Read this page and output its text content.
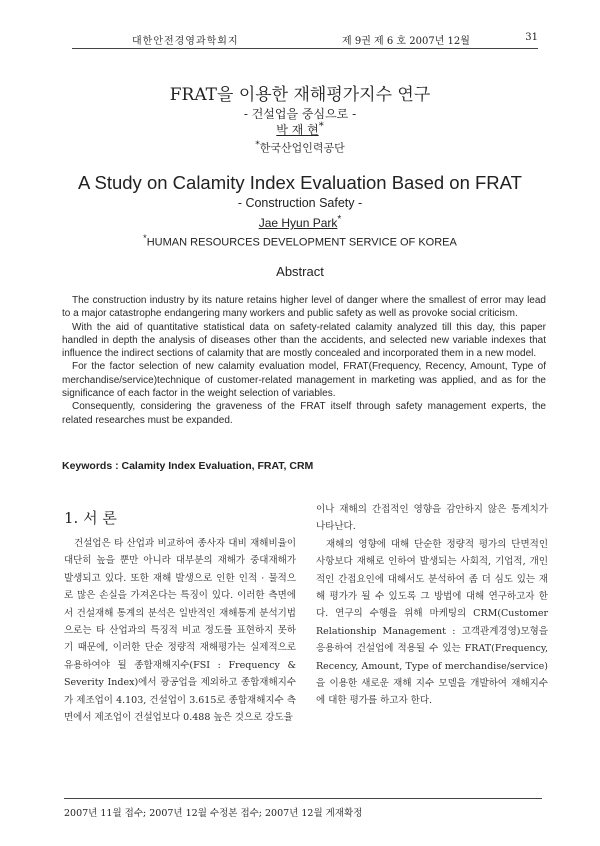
대한안전경영과학회지	제 9권 제 6 호 2007년 12월	31
FRAT을 이용한 재해평가지수 연구
- 건설업을 중심으로 -
박 재 현*
*한국산업인력공단
A Study on Calamity Index Evaluation Based on FRAT
- Construction Safety -
Jae Hyun Park*
*HUMAN RESOURCES DEVELOPMENT SERVICE OF KOREA
Abstract

The construction industry by its nature retains higher level of danger where the smallest of error may lead to a major catastrophe endangering many workers and public safety as well as provoke social criticism.

With the aid of quantitative statistical data on safety-related calamity analyzed till this day, this paper handled in depth the analysis of diseases other than the accidents, and selected new variable indexes that influence the indirect sections of calamity that are mostly concealed and incorporated them in a new model.

For the factor selection of new calamity evaluation model, FRAT(Frequency, Recency, Amount, Type of merchandise/service)technique of customer-related management in marketing was applied, and as for the significance of each factor in the weight selection of variables.

Consequently, considering the graveness of the FRAT itself through safety management experts, the related researches must be expanded.

Keywords : Calamity Index Evaluation, FRAT, CRM
1. 서 론

건설업은 타 산업과 비교하여 종사자 대비 재해비율이 대단히 높을 뿐만 아니라 대부분의 재해가 중대재해가 발생되고 있다. 또한 재해 발생으로 인한 인적 · 물적으로 많은 손실을 가져온다는 특징이 있다. 이러한 측면에서 건설재해 통계의 분석은 일반적인 재해통계 분석기법으로는 타 산업과의 특징적 비교 정도를 표현하지 못하기 때문에, 이러한 단순 정량적 재해평가는 실제적으로 유용하여야 될 종합재해지수(FSI : Frequency & Severity Index)에서 광공업을 제외하고 종합재해지수가 제조업이 4.103, 건설업이 3.615로 종합재해지수 측면에서 제조업이 건설업보다 0.488 높은 것으로 강도율

이나 재해의 간접적인 영향을 감안하지 않은 통계치가 나타난다.

재해의 영향에 대해 단순한 정량적 평가의 단면적인 사항보다 재해로 인하여 발생되는 사회적, 기업적, 개인적인 간접요인에 대해서도 분석하여 좀 더 심도 있는 재해 평가가 될 수 있도록 그 방법에 대해 연구하고자 한다. 연구의 수행을 위해 마케팅의 CRM(Customer Relationship Management : 고객관계경영)모형을 응용하여 건설업에 적용될 수 있는 FRAT(Frequency, Recency, Amount, Type of merchandise/service)을 이용한 새로운 재해 지수 모델을 개발하여 재해지수에 대한 평가를 하고자 한다.

2007년 11월 접수; 2007년 12월 수정본 접수; 2007년 12월 게재확정
